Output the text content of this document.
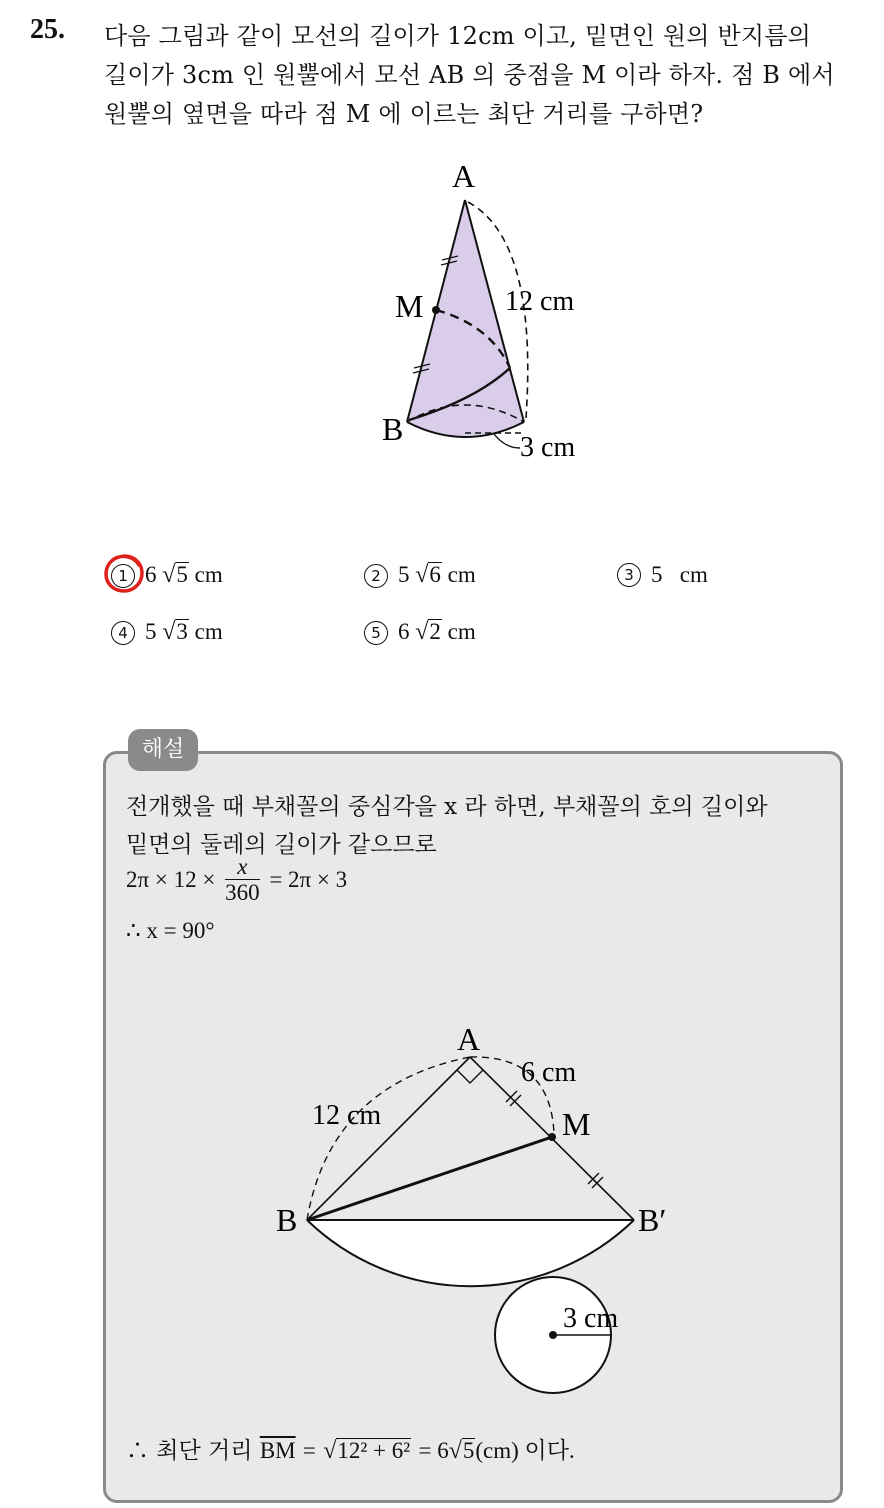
25. 다음 그림과 같이 모선의 길이가 12cm 이고, 밑면인 원의 반지름의
길이가 3cm 인 원뿔에서 모선 AB 의 중점을 M 이라 하자. 점 B 에서
원뿔의 옆면을 따라 점 M 에 이르는 최단 거리를 구하면?
A
M
B
12 cm
3 cm
1 6 √5 cm	2 5 √6 cm	3 5 cm
4 5 √3 cm	5 6 √2 cm
해설
전개했을 때 부채꼴의 중심각을 x 라 하면, 부채꼴의 호의 길이와
밑면의 둘레의 길이가 같으므로
$2\pi \times 12 \times \frac{x}{360} = 2\pi \times 3$
∴ x = 90°
A
M
B	B′
12 cm
6 cm
3 cm
∴ 최단 거리 $\overline{BM} = √12^2 + 6^2 = 6√5(cm)$ 이다.
